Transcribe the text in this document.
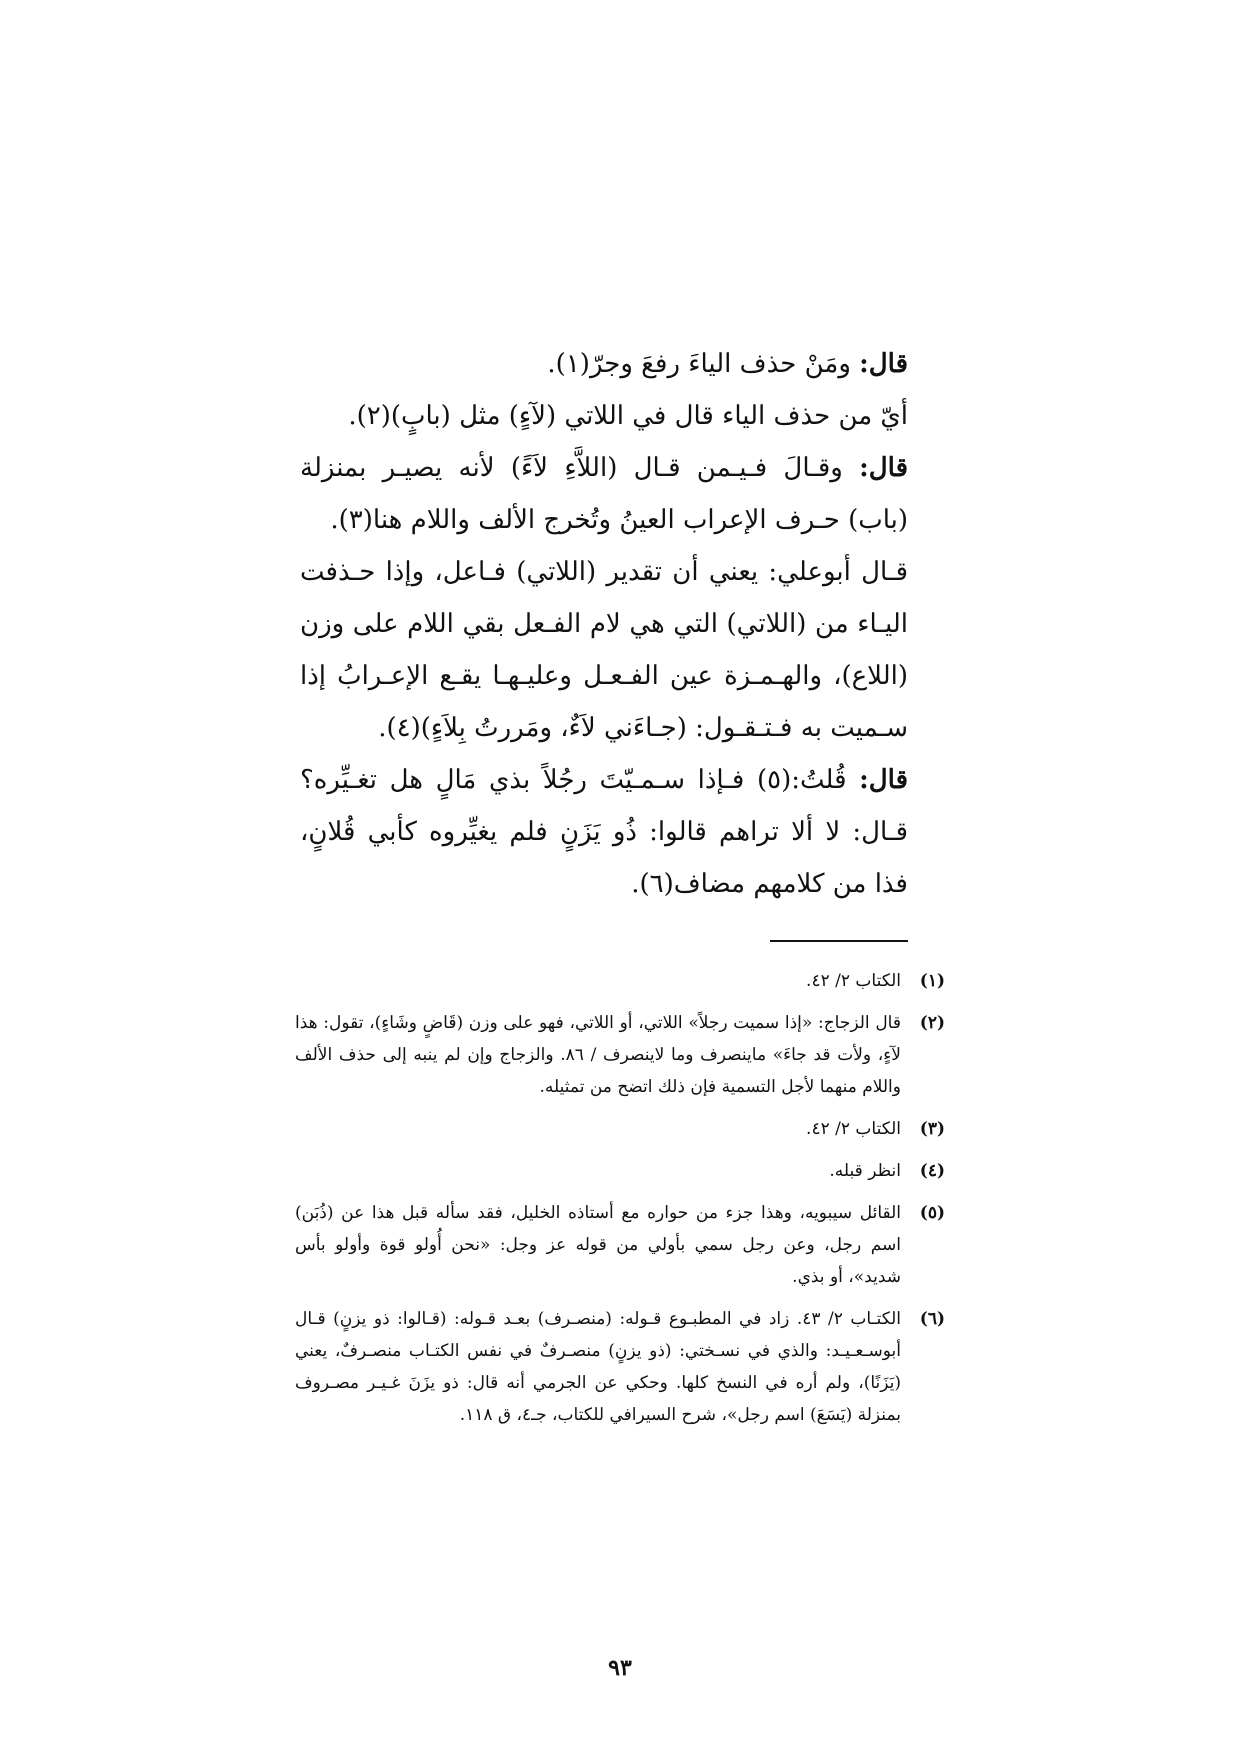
قال: ومَنْ حذف الياءَ رفعَ وجرّ(١).

أيّ من حذف الياء قال في اللاتي (لآءٍ) مثل (بابٍ)(٢).

قال: وقـالَ فـيـمن قـال (اللاَّءِ لاَءً) لأنه يصيـر بمنزلة (باب) حـرف الإعراب العينُ وتُخرج الألف واللام هنا(٣).

قـال أبوعلي: يعني أن تقدير (اللاتي) فـاعل، وإذا حـذفت اليـاء من (اللاتي) التي هي لام الفـعل بقي اللام على وزن (اللاع)، والهـمـزة عين الفـعـل وعليـهـا يقـع الإعـرابُ إذا سـميت به فـتـقـول: (جـاءَني لاَءٌ، ومَررتُ بِلاَءٍ)(٤).

قال: قُلتُ:(٥) فـإذا سـمـيّتَ رجُلاً بذي مَالٍ هل تغـيِّره؟ قـال: لا ألا تراهم قالوا: ذُو يَزَنٍ فلم يغيِّروه كأبي قُلانٍ، فذا من كلامهم مضاف(٦).

(١)
الكتاب ٢/ ٤٢.
(٢)
قال الزجاج: «إذا سميت رجلاً» اللاتي، أو اللاتي، فهو على وزن (قَاضٍ وشَاءٍ)، تقول: هذا لآءٍ، ولأت قد جاءَ» ماينصرف وما لاينصرف / ٨٦. والزجاج وإن لم ينبه إلى حذف الألف واللام منهما لأجل التسمية فإن ذلك اتضح من تمثيله.
(٣)
الكتاب ٢/ ٤٢.
(٤)
انظر قبله.
(٥)
القائل سيبويه، وهذا جزء من حواره مع أستاذه الخليل، فقد سأله قبل هذا عن (ذُبَن) اسم رجل، وعن رجل سمي بأولي من قوله عز وجل: «نحن أُولو قوة وأولو بأس شديد»، أو بذي.
(٦)
الكتـاب ٢/ ٤٣. زاد في المطبـوع قـوله: (منصـرف) بعـد قـوله: (قـالوا: ذو يزنٍ) قـال أبوسـعـيـد: والذي في نسـختي: (ذو يزنٍ) منصـرفٌ في نفس الكتـاب منصـرفٌ، يعني (يَزَنًا)، ولم أره في النسخ كلها. وحكي عن الجرمي أنه قال: ذو يزَنَ غـيـر مصـروف بمنزلة (يَسَعَ) اسم رجل»، شرح السيرافي للكتاب، جـ٤، ق ١١٨.
٩٣
